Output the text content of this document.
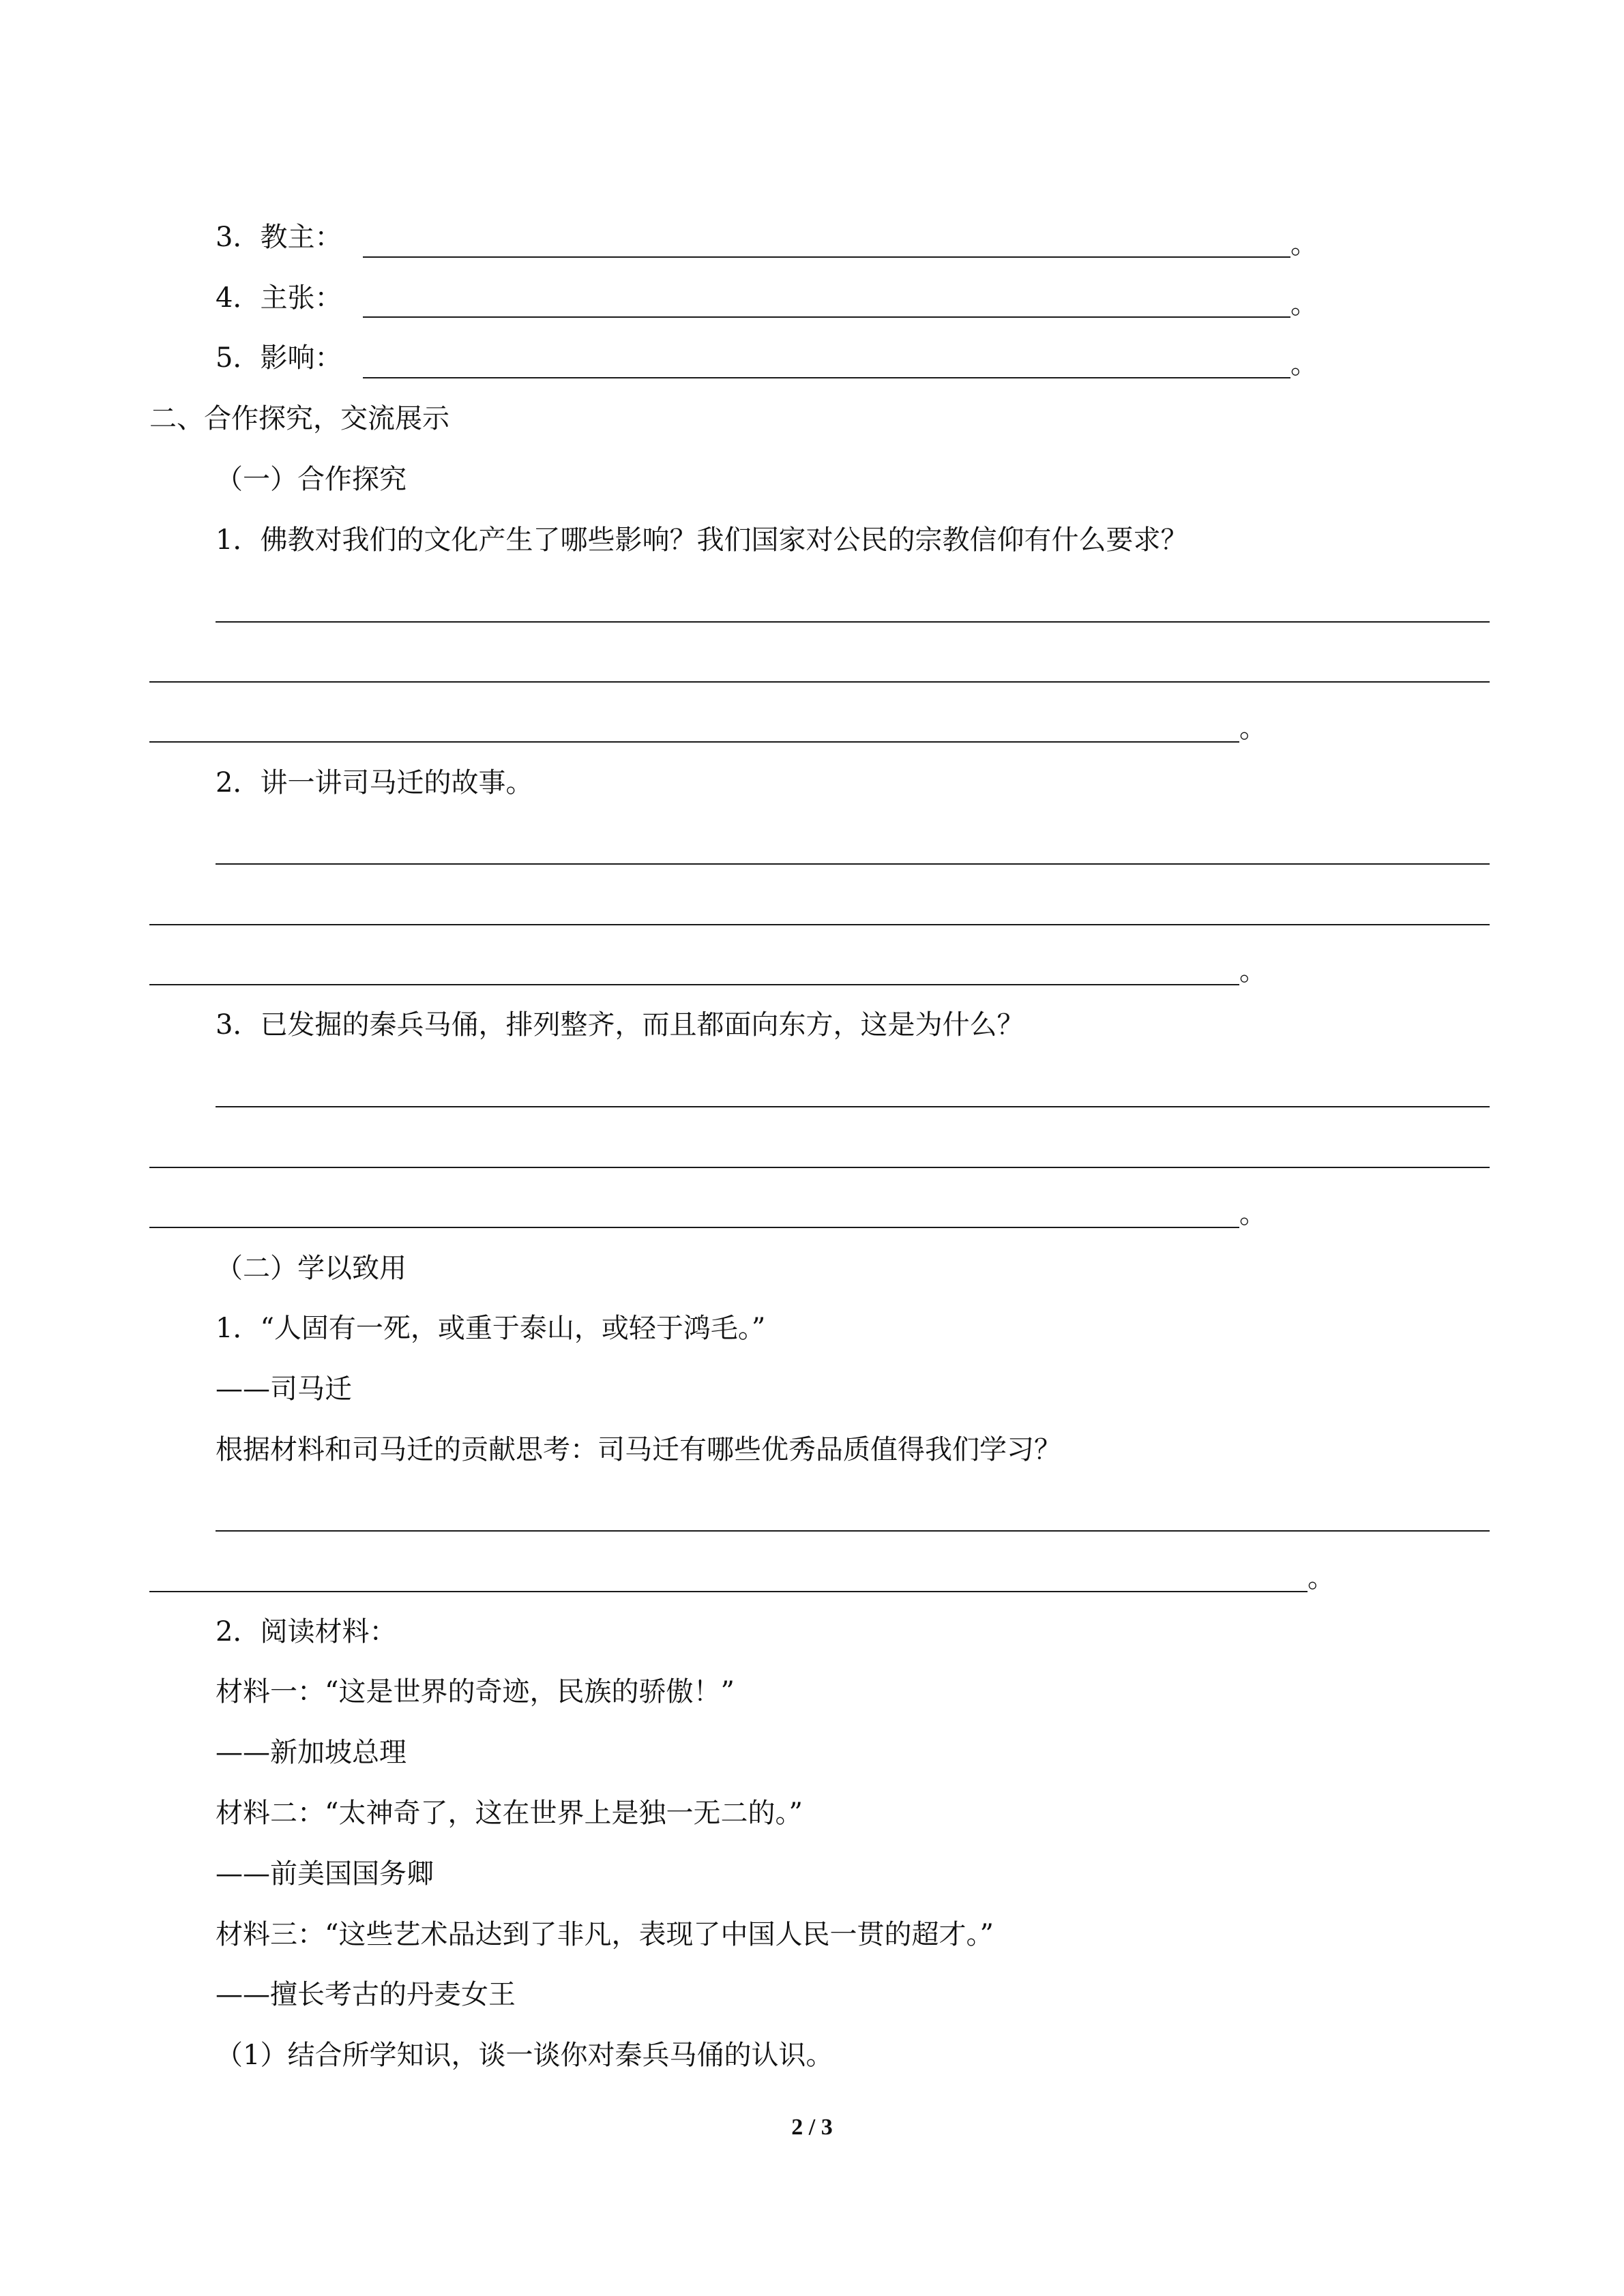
3．教主：	。
4．主张：	。
5．影响：	。
二、合作探究，交流展示
（一）合作探究
1．佛教对我们的文化产生了哪些影响？我们国家对公民的宗教信仰有什么要求？
。
2．讲一讲司马迁的故事。
。
3．已发掘的秦兵马俑，排列整齐，而且都面向东方，这是为什么？
。
（二）学以致用
1．“人固有一死，或重于泰山，或轻于鸿毛。”
——司马迁
根据材料和司马迁的贡献思考：司马迁有哪些优秀品质值得我们学习？
。
2．阅读材料：
材料一：“这是世界的奇迹，民族的骄傲！”
——新加坡总理
材料二：“太神奇了，这在世界上是独一无二的。”
——前美国国务卿
材料三：“这些艺术品达到了非凡，表现了中国人民一贯的超才。”
——擅长考古的丹麦女王
（1）结合所学知识，谈一谈你对秦兵马俑的认识。
2 / 3
